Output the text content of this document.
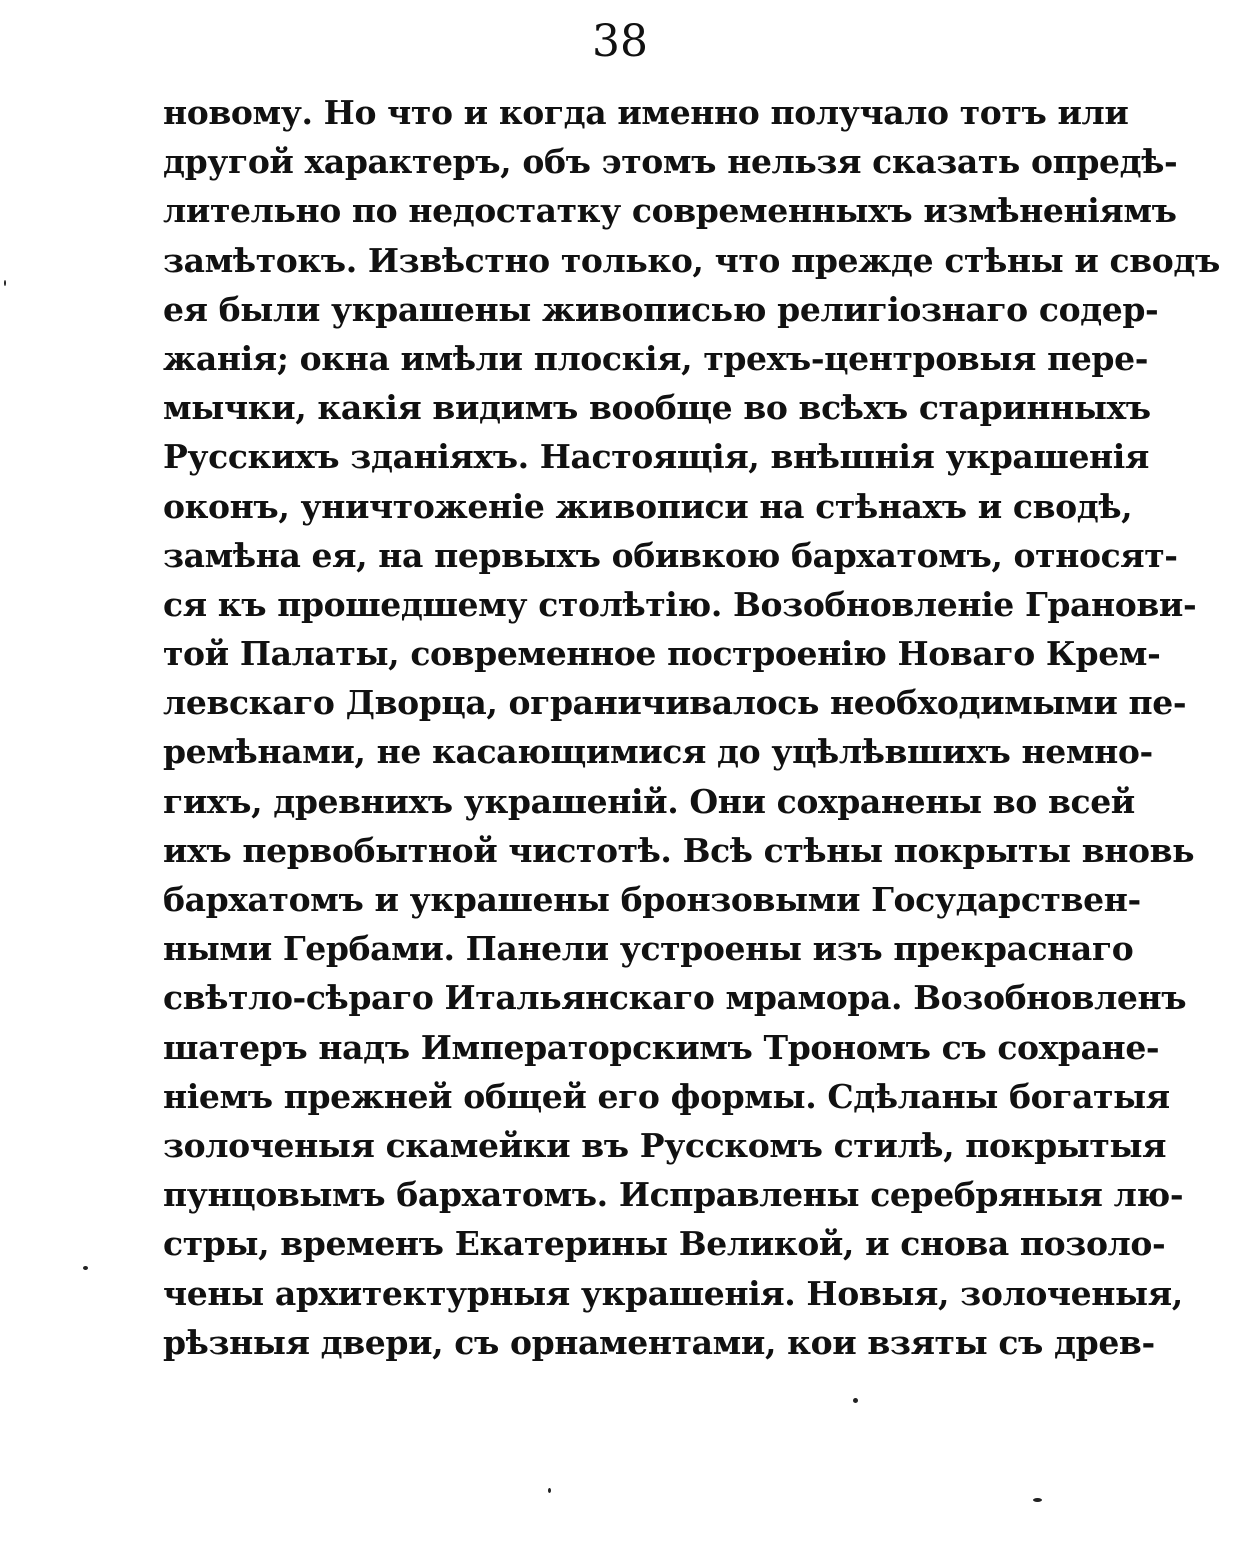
38
новому. Но что и когда именно получало тотъ или
другой характеръ, объ этомъ нельзя сказать опредѣ-
лительно по недостатку современныхъ измѣненіямъ
замѣтокъ. Извѣстно только, что прежде стѣны и сводъ
ея были украшены живописью религіознаго содер-
жанія; окна имѣли плоскія, трехъ-центровыя пере-
мычки, какія видимъ вообще во всѣхъ старинныхъ
Русскихъ зданіяхъ. Настоящія, внѣшнія украшенія
оконъ, уничтоженіе живописи на стѣнахъ и сводѣ,
замѣна ея, на первыхъ обивкою бархатомъ, относят-
ся къ прошедшему столѣтію. Возобновленіе Гранови-
той Палаты, современное построенію Новаго Крем-
левскаго Дворца, ограничивалось необходимыми пе-
ремѣнами, не касающимися до уцѣлѣвшихъ немно-
гихъ, древнихъ украшеній. Они сохранены во всей
ихъ первобытной чистотѣ. Всѣ стѣны покрыты вновь
бархатомъ и украшены бронзовыми Государствен-
ными Гербами. Панели устроены изъ прекраснаго
свѣтло-сѣраго Итальянскаго мрамора. Возобновленъ
шатеръ надъ Императорскимъ Трономъ съ сохране-
ніемъ прежней общей его формы. Сдѣланы богатыя
золоченыя скамейки въ Русскомъ стилѣ, покрытыя
пунцовымъ бархатомъ. Исправлены серебряныя лю-
стры, временъ Екатерины Великой, и снова позоло-
чены архитектурныя украшенія. Новыя, золоченыя,
рѣзныя двери, съ орнаментами, кои взяты съ древ-
